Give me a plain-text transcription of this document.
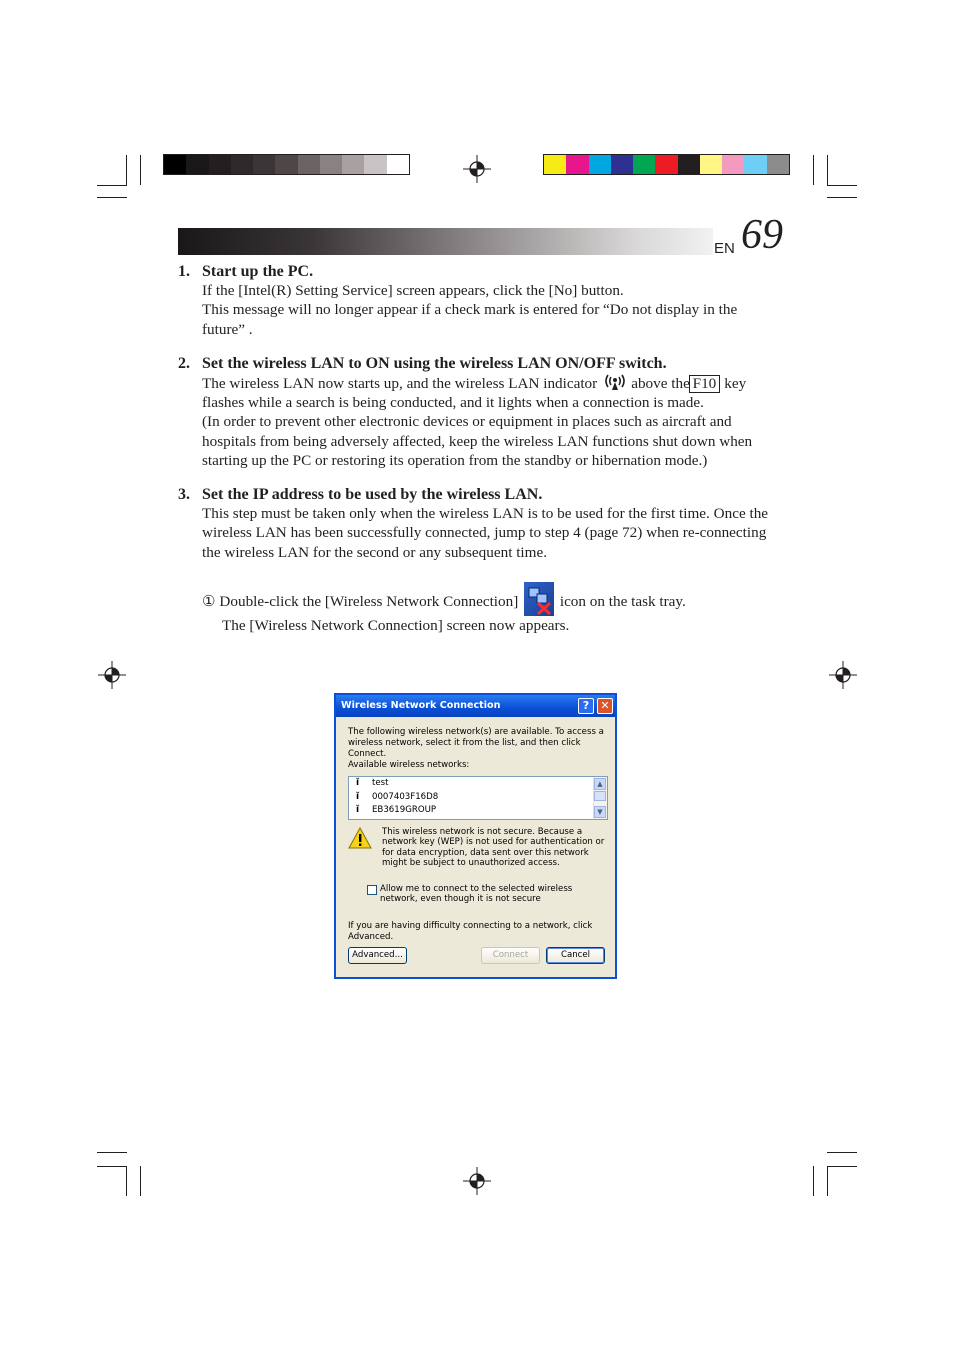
EN 69

1. Start up the PC.

If the [Intel(R) Setting Service] screen appears, click the [No] button.

This message will no longer appear if a check mark is entered for “Do not display in the future” .

2. Set the wireless LAN to ON using the wireless LAN ON/OFF switch.

The wireless LAN now starts up, and the wireless LAN indicator above the F10 key flashes while a search is being conducted, and it lights when a connection is made.

(In order to prevent other electronic devices or equipment in places such as aircraft and hospitals from being adversely affected, keep the wireless LAN functions shut down when starting up the PC or restoring its operation from the standby or hibernation mode.)

3. Set the IP address to be used by the wireless LAN.

This step must be taken only when the wireless LAN is to be used for the first time. Once the wireless LAN has been successfully connected, jump to step 4 (page 72) when re-connecting the wireless LAN for the second or any subsequent time.

① Double-click the [Wireless Network Connection]	icon on the task tray.
The [Wireless Network Connection] screen now appears.

Wireless Network Connection	?	✕
The following wireless network(s) are available. To access a wireless network, select it from the list, and then click Connect.
Available wireless networks:
ǐ	test
ǐ	0007403F16D8
ǐ	EB3619GROUP
▲
▼
This wireless network is not secure. Because a network key (WEP) is not used for authentication or for data encryption, data sent over this network might be subject to unauthorized access.
Allow me to connect to the selected wireless network, even though it is not secure
If you are having difficulty connecting to a network, click Advanced.
Advanced...	Connect	Cancel
